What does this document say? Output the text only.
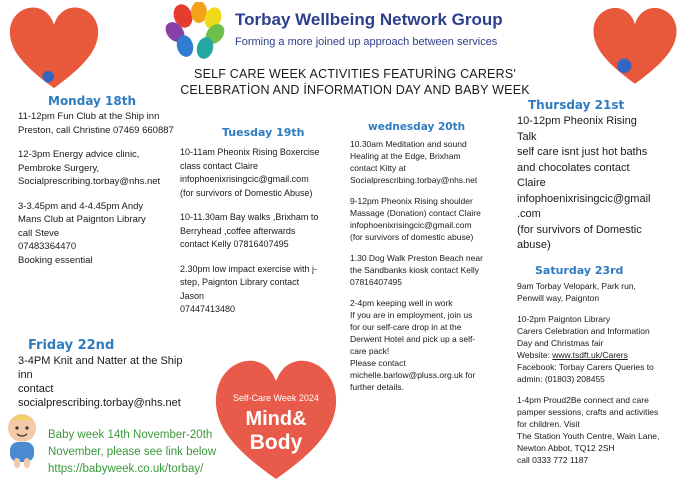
Torbay Wellbeing Network Group
Forming a more joined up approach between services
SELF CARE WEEK ACTIVITIES FEATURİNG CARERS' CELEBRATİON AND İNFORMATION DAY AND BABY WEEK
Monday 18th

11-12pm Fun Club at the Ship inn
Preston, call Christine 07469 660887

12-3pm Energy advice clinic,
Pembroke Surgery,
Socialprescribing.torbay@nhs.net

3-3.45pm and 4-4.45pm Andy
Mans Club at Paignton Library
call Steve
07483364470
Booking essential

Tuesday 19th

10-11am Pheonix Rising Boxercise
class contact Claire
infophoenixrisingcic@gmail.com
(for survivors of Domestic Abuse)

10-11.30am Bay walks ,Brixham to
Berryhead ,coffee afterwards
contact Kelly 07816407495

2.30pm low impact exercise with j-
step, Paignton Library contact
Jason
07447413480

wednesday 20th

10.30am Meditation and sound
Healing at the Edge, Brixham
contact Kitty at
Socialprescribing.torbay@nhs.net

9-12pm Pheonix Rising shoulder
Massage (Donation) contact Claire
infophoenixrisingcic@gmail.com
(for survivors of domestic abuse)

1.30 Dog Walk Preston Beach near
the Sandbanks kiosk contact Kelly
07816407495

2-4pm keeping well in work
If you are in employment, join us
for our self-care drop in at the
Derwent Hotel and pick up a self-
care pack!
Please contact
michelle.barlow@pluss.org.uk for
further details.

Thursday 21st

10-12pm Pheonix Rising
Talk
self care isnt just hot baths
and chocolates contact
Claire
infophoenixrisingcic@gmail
.com
(for survivors of Domestic
abuse)

Saturday 23rd

9am Torbay Velopark, Park run,
Penwill way, Paignton

10-2pm Paignton Library
Carers Celebration and Information
Day and Christmas fair

Website: www.tsdft.uk/Carers

Facebook: Torbay Carers Queries to
admin: (01803) 208455

1-4pm Proud2Be connect and care
pamper sessions, crafts and activities
for children. Visit
The Station Youth Centre, Wain Lane,
Newton Abbot, TQ12 2SH
call 0333 772 1187

Friday 22nd

3-4PM Knit and Natter at the Ship
inn
contact
socialprescribing.torbay@nhs.net	Self-Care Week 2024
Mind&
Body
Baby week 14th November-20th
November, please see link below
https://babyweek.co.uk/torbay/
